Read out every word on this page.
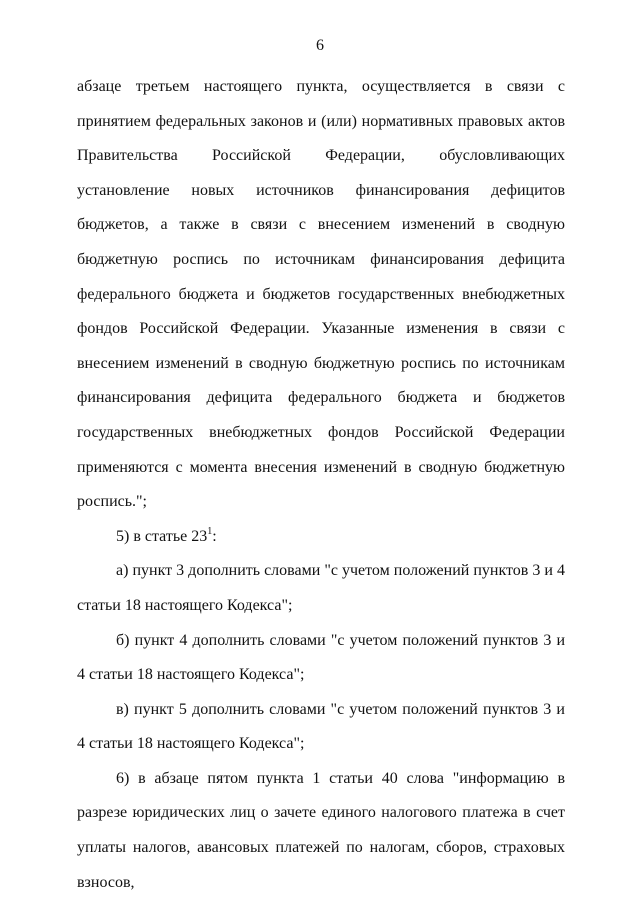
6

абзаце третьем настоящего пункта, осуществляется в связи с принятием федеральных законов и (или) нормативных правовых актов Правительства Российской Федерации, обусловливающих установление новых источников финансирования дефицитов бюджетов, а также в связи с внесением изменений в сводную бюджетную роспись по источникам финансирования дефицита федерального бюджета и бюджетов государственных внебюджетных фондов Российской Федерации. Указанные изменения в связи с внесением изменений в сводную бюджетную роспись по источникам финансирования дефицита федерального бюджета и бюджетов государственных внебюджетных фондов Российской Федерации применяются с момента внесения изменений в сводную бюджетную роспись.";

5) в статье $23^1$:

а) пункт 3 дополнить словами "с учетом положений пунктов 3 и 4 статьи 18 настоящего Кодекса";

б) пункт 4 дополнить словами "с учетом положений пунктов 3 и 4 статьи 18 настоящего Кодекса";

в) пункт 5 дополнить словами "с учетом положений пунктов 3 и 4 статьи 18 настоящего Кодекса";

6) в абзаце пятом пункта 1 статьи 40 слова "информацию в разрезе юридических лиц о зачете единого налогового платежа в счет уплаты налогов, авансовых платежей по налогам, сборов, страховых взносов,
